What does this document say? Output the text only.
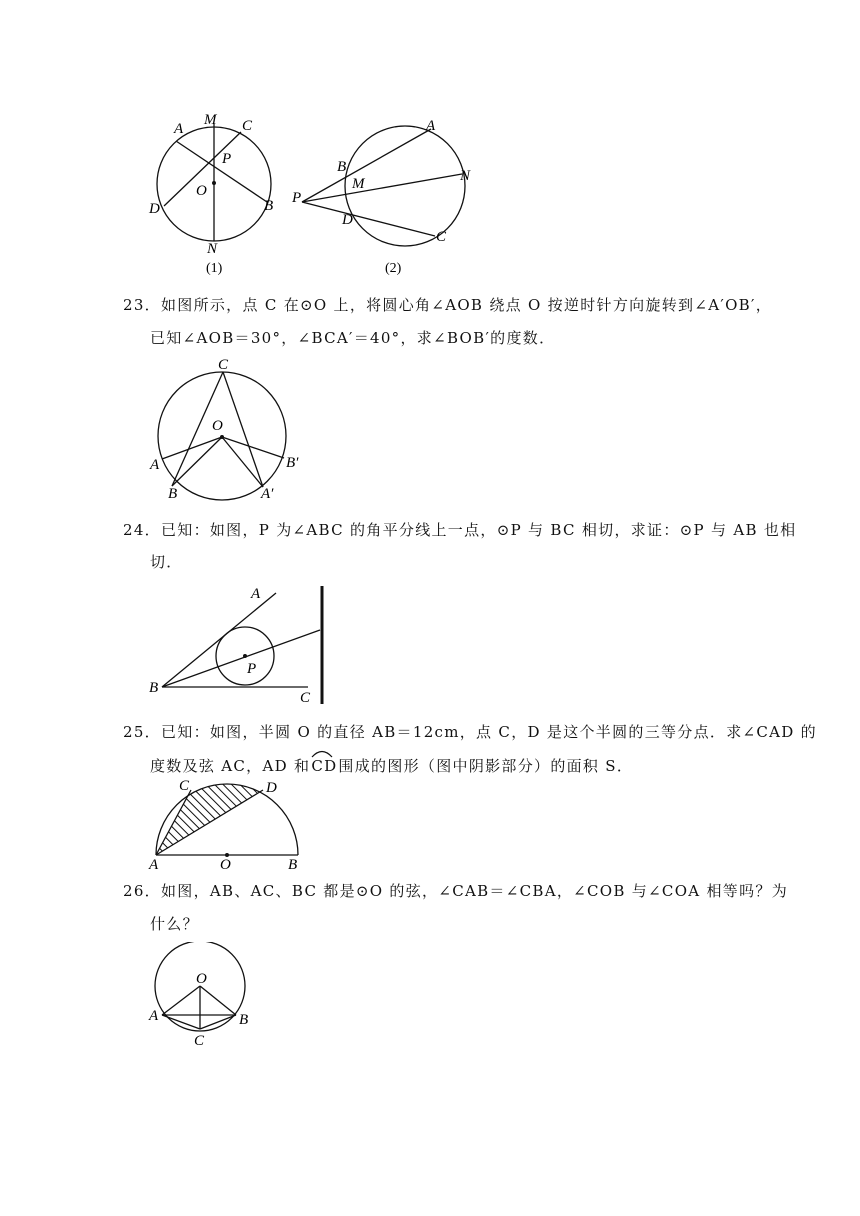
A
M C
P
O
D	B
N
(1)
A
B
M	N
P
D
C
(2)
23．如图所示，点 C 在⊙O 上，将圆心角∠AOB 绕点 O 按逆时针方向旋转到∠A′OB′，
已知∠AOB＝30°，∠BCA′＝40°，求∠BOB′的度数．
C
O
A
B
B′
A′
24．已知：如图，P 为∠ABC 的角平分线上一点，⊙P 与 BC 相切，求证：⊙P 与 AB 也相
切．
A
P
B
C
25．已知：如图，半圆 O 的直径 AB＝12cm，点 C，D 是这个半圆的三等分点．求∠CAD 的
度数及弦 AC，AD 和
CD围成的图形（图中阴影部分）的面积 S．
C	D
A	O	B
26．如图，AB、AC、BC 都是⊙O 的弦，∠CAB＝∠CBA，∠COB 与∠COA 相等吗？为
什么？
O
A	B
C
